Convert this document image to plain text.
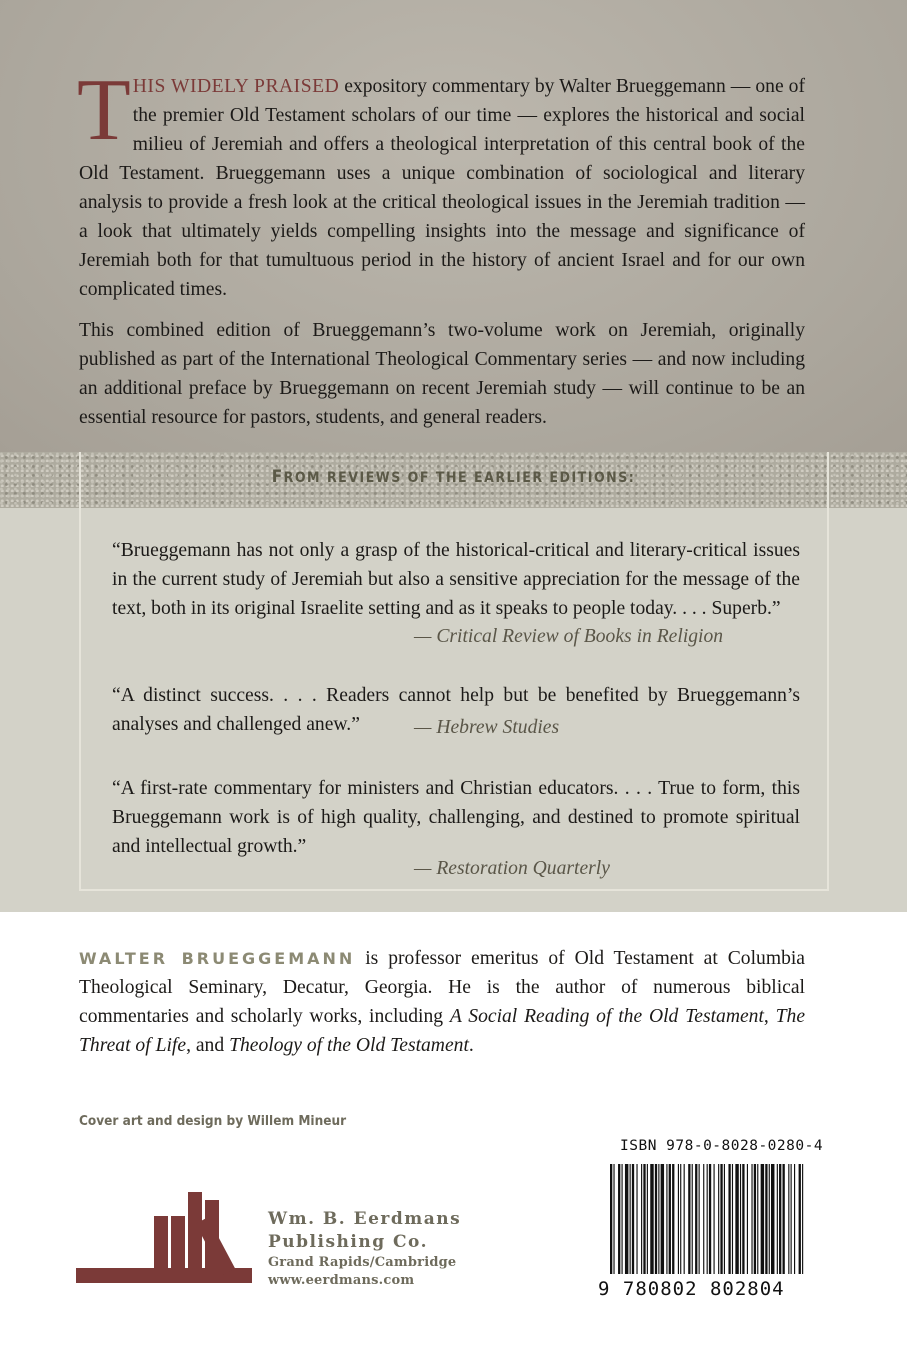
THIS WIDELY PRAISED expository commentary by Walter Brueggemann — one of the premier Old Testament scholars of our time — explores the historical and social milieu of Jeremiah and offers a theological interpretation of this central book of the Old Testament. Brueggemann uses a unique combination of sociological and literary analysis to provide a fresh look at the critical theological issues in the Jeremiah tradition — a look that ultimately yields compelling insights into the message and significance of Jeremiah both for that tumultuous period in the history of ancient Israel and for our own complicated times.

This combined edition of Brueggemann’s two-volume work on Jeremiah, originally published as part of the International Theological Commentary series — and now including an additional preface by Brueggemann on recent Jeremiah study — will continue to be an essential resource for pastors, students, and general readers.

FROM REVIEWS OF THE EARLIER EDITIONS:

“Brueggemann has not only a grasp of the historical-critical and literary-critical issues in the current study of Jeremiah but also a sensitive appreciation for the message of the text, both in its original Israelite setting and as it speaks to people today. . . . Superb.”

— Critical Review of Books in Religion

“A distinct success. . . . Readers cannot help but be benefited by Brueggemann’s analyses and challenged anew.”	— Hebrew Studies

“A first-rate commentary for ministers and Christian educators. . . . True to form, this Brueggemann work is of high quality, challenging, and destined to promote spiritual and intellectual growth.”

— Restoration Quarterly

WALTER BRUEGGEMANN is professor emeritus of Old Testament at Columbia Theological Seminary, Decatur, Georgia. He is the author of numerous biblical commentaries and scholarly works, including A Social Reading of the Old Testament, The Threat of Life, and Theology of the Old Testament.

Cover art and design by Willem Mineur
Wm. B. Eerdmans
Publishing Co.
Grand Rapids/Cambridge
www.eerdmans.com
ISBN 978-0-8028-0280-4
9 780802 802804
